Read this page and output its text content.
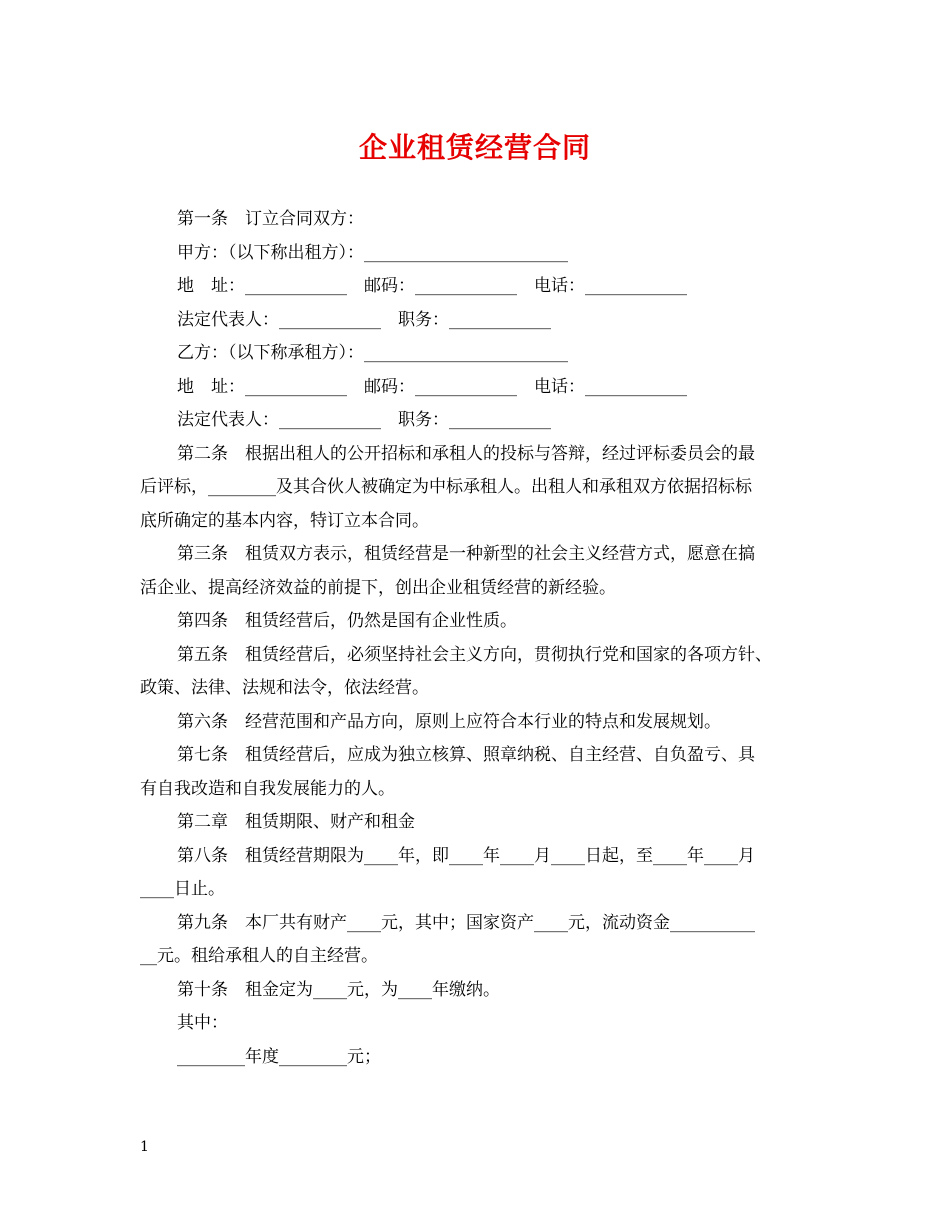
企业租赁经营合同

第一条　订立合同双方：

甲方：（以下称出租方）：________________________

地　址：____________　邮码：____________　电话：____________

法定代表人：____________　职务：____________

乙方：（以下称承租方）：________________________

地　址：____________　邮码：____________　电话：____________

法定代表人：____________　职务：____________

第二条　根据出租人的公开招标和承租人的投标与答辩，经过评标委员会的最

后评标，________及其合伙人被确定为中标承租人。出租人和承租双方依据招标标

底所确定的基本内容，特订立本合同。

第三条　租赁双方表示，租赁经营是一种新型的社会主义经营方式，愿意在搞

活企业、提高经济效益的前提下，创出企业租赁经营的新经验。

第四条　租赁经营后，仍然是国有企业性质。

第五条　租赁经营后，必须坚持社会主义方向，贯彻执行党和国家的各项方针、

政策、法律、法规和法令，依法经营。

第六条　经营范围和产品方向，原则上应符合本行业的特点和发展规划。

第七条　租赁经营后，应成为独立核算、照章纳税、自主经营、自负盈亏、具

有自我改造和自我发展能力的人。

第二章　租赁期限、财产和租金

第八条　租赁经营期限为____年，即____年____月____日起，至____年____月

____日止。

第九条　本厂共有财产____元，其中；国家资产____元，流动资金__________

__元。租给承租人的自主经营。

第十条　租金定为____元，为____年缴纳。

其中：

________年度________元；

1
